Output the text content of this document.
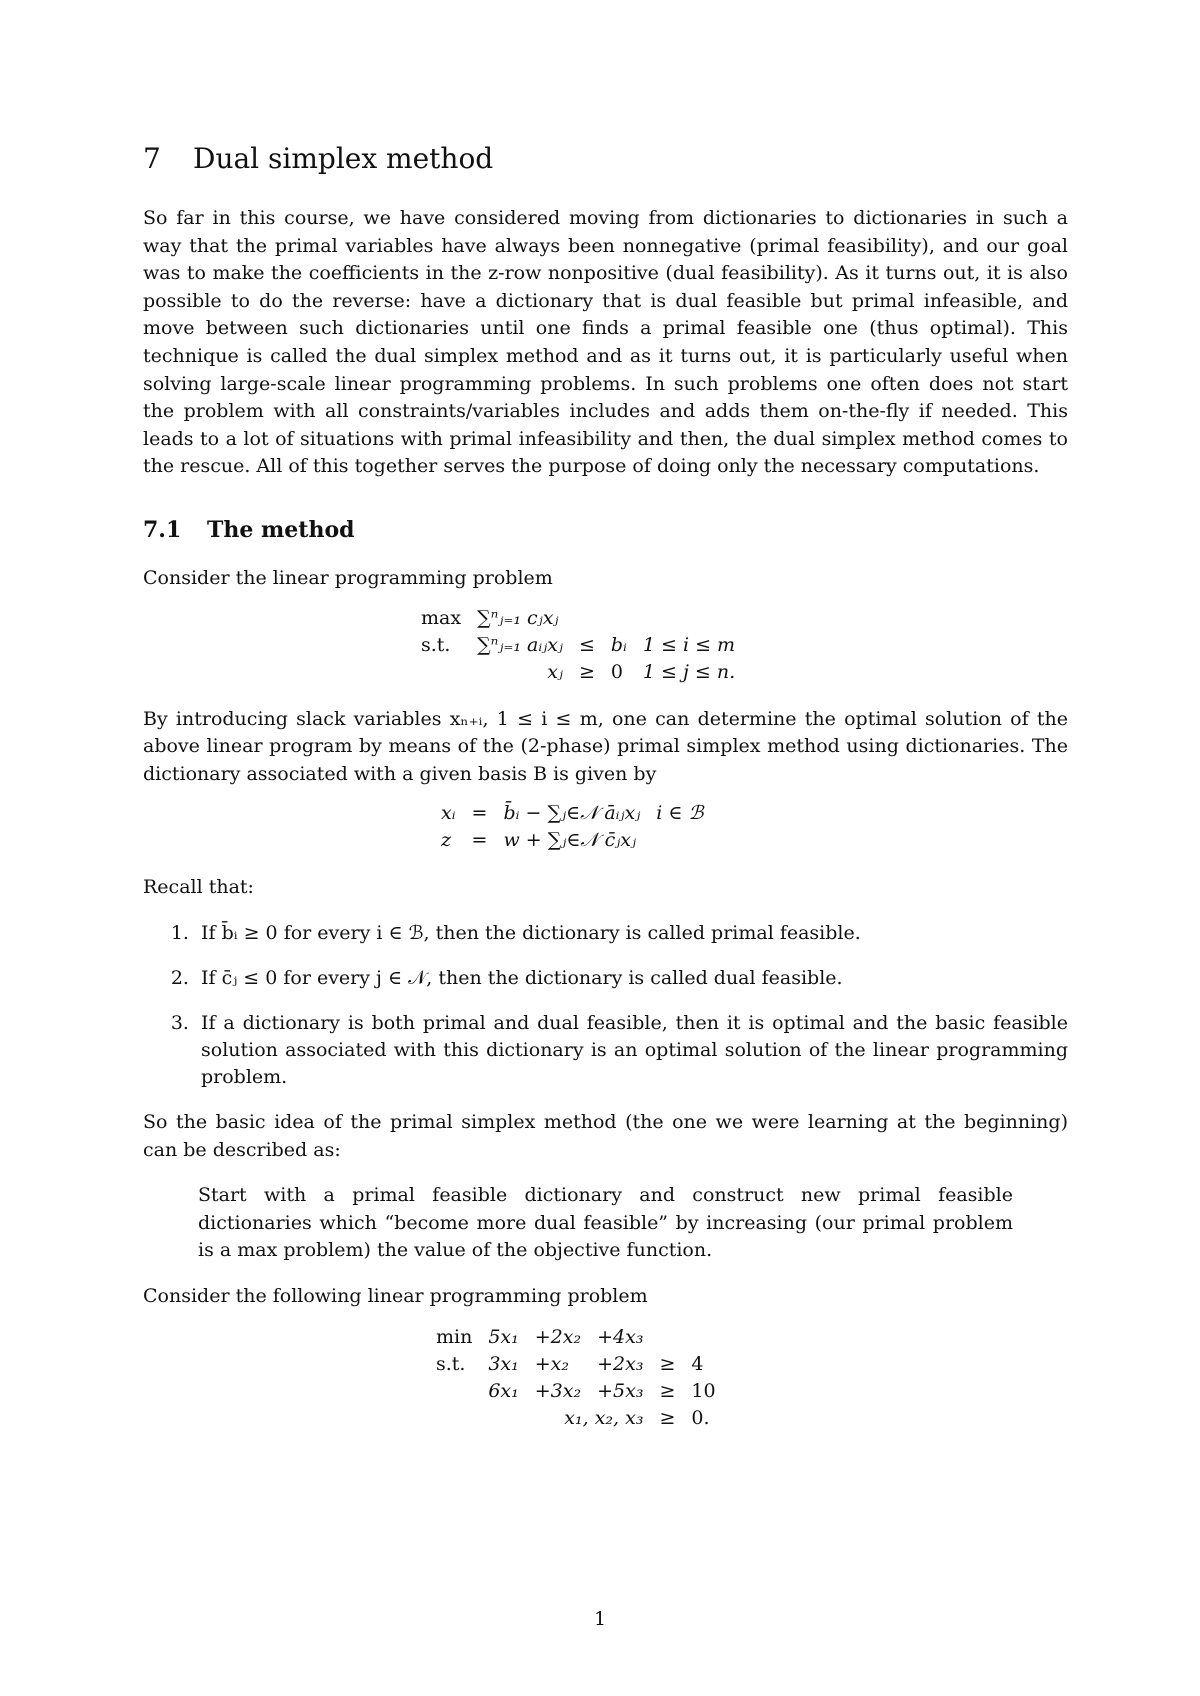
7 Dual simplex method

So far in this course, we have considered moving from dictionaries to dictionaries in such a way that the primal variables have always been nonnegative (primal feasibility), and our goal was to make the coefficients in the z-row nonpositive (dual feasibility). As it turns out, it is also possible to do the reverse: have a dictionary that is dual feasible but primal infeasible, and move between such dictionaries until one finds a primal feasible one (thus optimal). This technique is called the dual simplex method and as it turns out, it is particularly useful when solving large-scale linear programming problems. In such problems one often does not start the problem with all constraints/variables includes and adds them on-the-fly if needed. This leads to a lot of situations with primal infeasibility and then, the dual simplex method comes to the rescue. All of this together serves the purpose of doing only the necessary computations.

7.1 The method

Consider the linear programming problem

max	∑ⁿⱼ₌₁ cⱼxⱼ			
s.t.	∑ⁿⱼ₌₁ aᵢⱼxⱼ	≤	bᵢ	1 ≤ i ≤ m
	xⱼ	≥	0	1 ≤ j ≤ n.

By introducing slack variables xₙ₊ᵢ, 1 ≤ i ≤ m, one can determine the optimal solution of the above linear program by means of the (2-phase) primal simplex method using dictionaries. The dictionary associated with a given basis B is given by

xᵢ	=	b̄ᵢ − ∑ⱼ∈𝒩 āᵢⱼxⱼ	i ∈ ℬ
z	=	w + ∑ⱼ∈𝒩 c̄ⱼxⱼ	

Recall that:

1. If b̄ᵢ ≥ 0 for every i ∈ ℬ, then the dictionary is called primal feasible.
2. If c̄ⱼ ≤ 0 for every j ∈ 𝒩, then the dictionary is called dual feasible.
3. If a dictionary is both primal and dual feasible, then it is optimal and the basic feasible solution associated with this dictionary is an optimal solution of the linear programming problem.

So the basic idea of the primal simplex method (the one we were learning at the beginning) can be described as:

Start with a primal feasible dictionary and construct new primal feasible dictionaries which “become more dual feasible” by increasing (our primal problem is a max problem) the value of the objective function.

Consider the following linear programming problem

min	5x₁	+2x₂	+4x₃		
s.t.	3x₁	+x₂	+2x₃	≥	4
	6x₁	+3x₂	+5x₃	≥	10
		x₁, x₂, x₃		≥	0.
1
